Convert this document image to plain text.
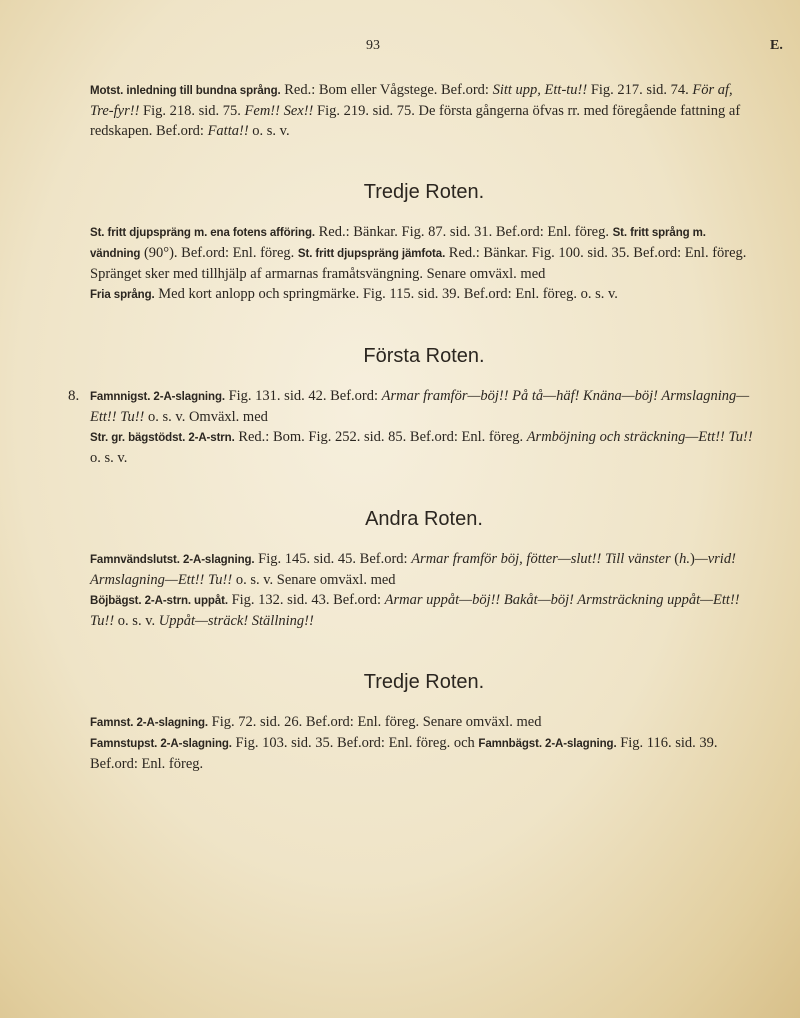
93	E.

Motst. inledning till bundna språng. Red.: Bom eller Vågstege. Bef.ord: Sitt upp, Ett-tu!! Fig. 217. sid. 74. För af, Tre-fyr!! Fig. 218. sid. 75. Fem!! Sex!! Fig. 219. sid. 75. De första gångerna öfvas rr. med föregående fattning af redskapen. Bef.ord: Fatta!! o. s. v.

Tredje Roten.

St. fritt djupspräng m. ena fotens afföring. Red.: Bänkar. Fig. 87. sid. 31. Bef.ord: Enl. föreg. St. fritt språng m. vändning (90°). Bef.ord: Enl. föreg. St. fritt djupspräng jämfota. Red.: Bänkar. Fig. 100. sid. 35. Bef.ord: Enl. föreg. Spränget sker med tillhjälp af armarnas framåtsvängning. Senare omväxl. med

Fria språng. Med kort anlopp och springmärke. Fig. 115. sid. 39. Bef.ord: Enl. föreg. o. s. v.

Första Roten.

8. Famnnigst. 2-A-slagning. Fig. 131. sid. 42. Bef.ord: Armar framför—böj!! På tå—häf! Knäna—böj! Armslagning—Ett!! Tu!! o. s. v. Omväxl. med

Str. gr. bägstödst. 2-A-strn. Red.: Bom. Fig. 252. sid. 85. Bef.ord: Enl. föreg. Armböjning och sträckning—Ett!! Tu!! o. s. v.

Andra Roten.

Famnvändslutst. 2-A-slagning. Fig. 145. sid. 45. Bef.ord: Armar framför böj, fötter—slut!! Till vänster (h.)—vrid! Armslagning—Ett!! Tu!! o. s. v. Senare omväxl. med

Böjbägst. 2-A-strn. uppåt. Fig. 132. sid. 43. Bef.ord: Armar uppåt—böj!! Bakåt—böj! Armsträckning uppåt—Ett!! Tu!! o. s. v. Uppåt—sträck! Ställning!!

Tredje Roten.

Famnst. 2-A-slagning. Fig. 72. sid. 26. Bef.ord: Enl. föreg. Senare omväxl. med

Famnstupst. 2-A-slagning. Fig. 103. sid. 35. Bef.ord: Enl. föreg. och Famnbägst. 2-A-slagning. Fig. 116. sid. 39. Bef.ord: Enl. föreg.
